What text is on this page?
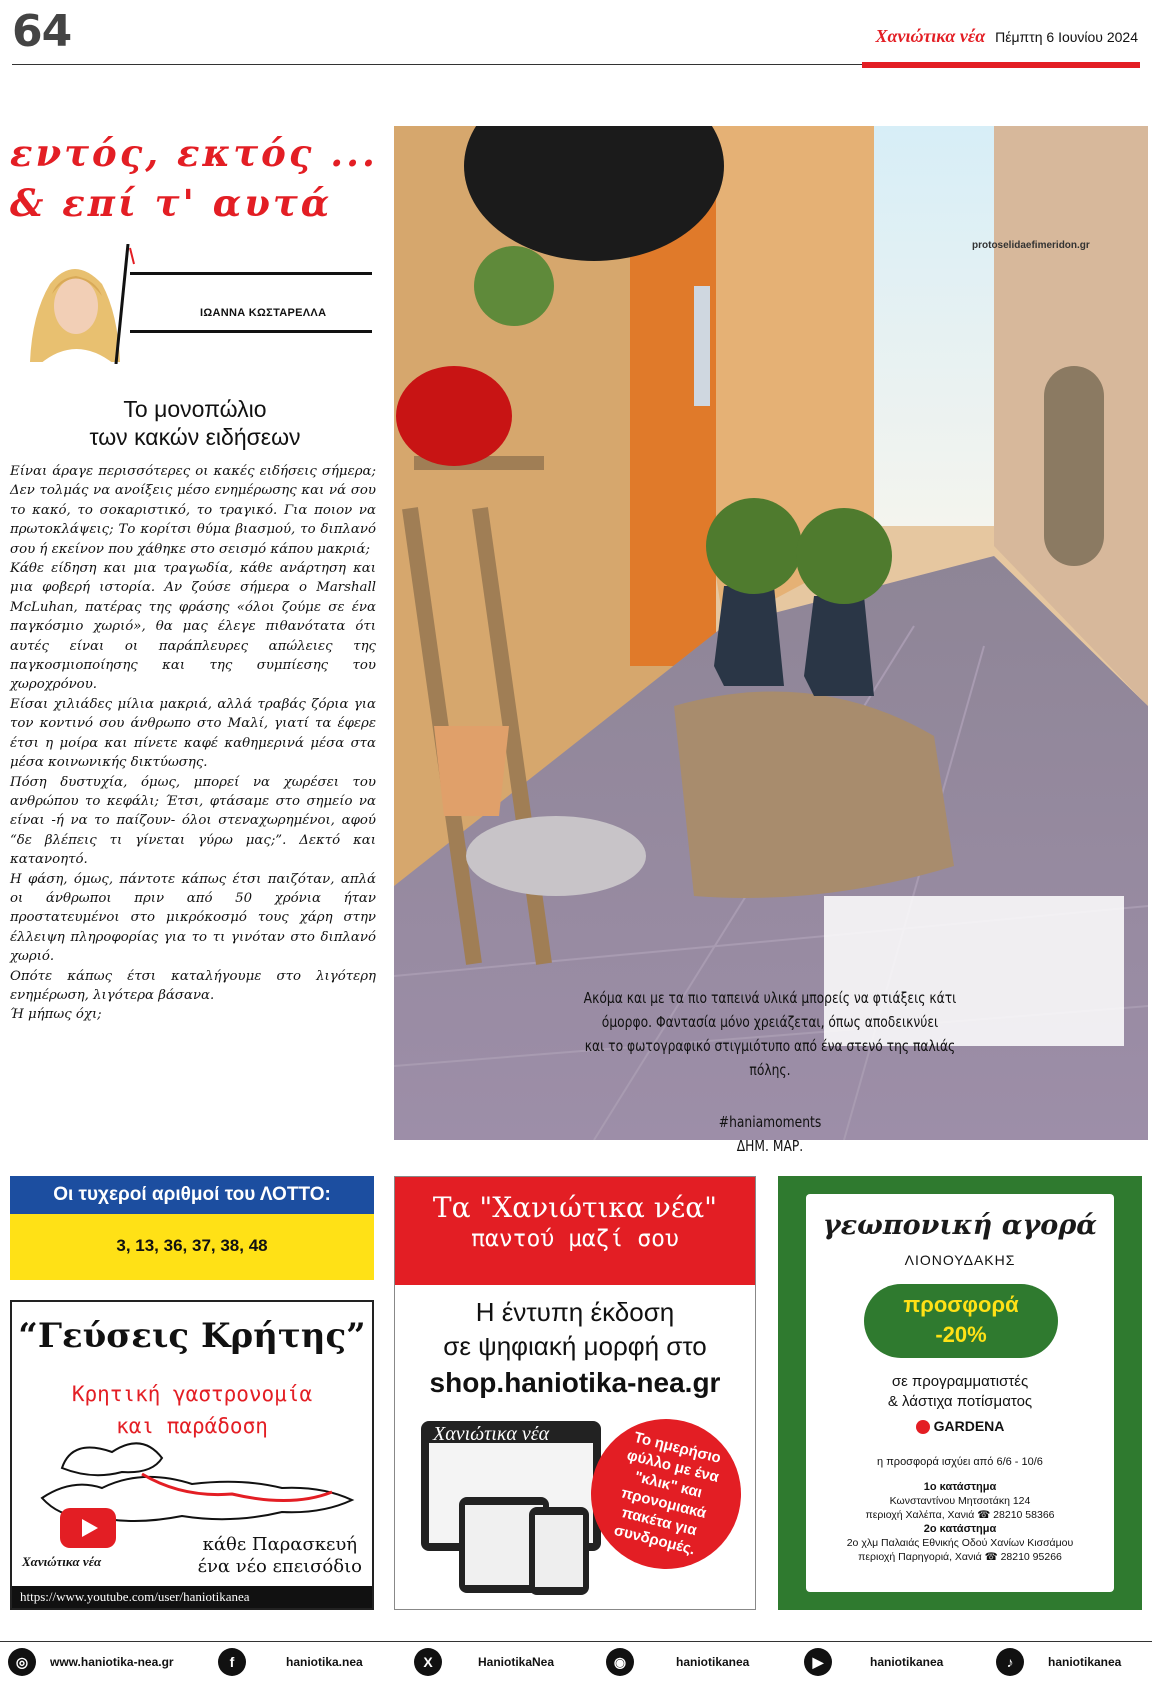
64	Χανιώτικα νέα Πέμπτη 6 Ιουνίου 2024
εντός, εκτός ...
& επί τ' αυτά
ΙΩΑΝΝΑ ΚΩΣΤΑΡΕΛΛΑ
Το μονοπώλιο
των κακών ειδήσεων

Είναι άραγε περισσότερες οι κακές ειδήσεις σήμερα; Δεν τολμάς να ανοίξεις μέσο ενημέρωσης και νά σου το κακό, το σοκαριστικό, το τραγικό. Για ποιον να πρωτοκλάψεις; Το κορίτσι θύμα βιασμού, το διπλανό σου ή εκείνον που χάθηκε στο σεισμό κάπου μακριά;

Κάθε είδηση και μια τραγωδία, κάθε ανάρτηση και μια φοβερή ιστορία. Αν ζούσε σήμερα ο Marshall McLuhan, πατέρας της φράσης «όλοι ζούμε σε ένα παγκόσμιο χωριό», θα μας έλεγε πιθανότατα ότι αυτές είναι οι παράπλευρες απώλειες της παγκοσμιοποίησης και της συμπίεσης του χωροχρόνου.

Είσαι χιλιάδες μίλια μακριά, αλλά τραβάς ζόρια για τον κοντινό σου άνθρωπο στο Μαλί, γιατί τα έφερε έτσι η μοίρα και πίνετε καφέ καθημερινά μέσα στα μέσα κοινωνικής δικτύωσης.

Πόση δυστυχία, όμως, μπορεί να χωρέσει του ανθρώπου το κεφάλι; Έτσι, φτάσαμε στο σημείο να είναι -ή να το παίζουν- όλοι στεναχωρημένοι, αφού “δε βλέπεις τι γίνεται γύρω μας;”. Δεκτό και κατανοητό.

Η φάση, όμως, πάντοτε κάπως έτσι παιζόταν, απλά οι άνθρωποι πριν από 50 χρόνια ήταν προστατευμένοι στο μικρόκοσμό τους χάρη στην έλλειψη πληροφορίας για το τι γινόταν στο διπλανό χωριό.

Οπότε κάπως έτσι καταλήγουμε στο λιγότερη ενημέρωση, λιγότερα βάσανα.

Ή μήπως όχι;

protoselidaefimeridon.gr
Ακόμα και με τα πιο ταπεινά υλικά μπορείς να φτιάξεις κάτι
όμορφο. Φαντασία μόνο χρειάζεται, όπως αποδεικνύει
και το φωτογραφικό στιγμιότυπο από ένα στενό της παλιάς πόλης.
#haniamoments
ΔΗΜ. ΜΑΡ.
Οι τυχεροί αριθμοί του ΛΟΤΤΟ:
3, 13, 36, 37, 38, 48
“Γεύσεις Κρήτης”
Κρητική γαστρονομία
και παράδοση
Χανιώτικα νέα
κάθε Παρασκευή
ένα νέο επεισόδιο
https://www.youtube.com/user/haniotikanea
Τα "Χανιώτικα νέα"
παντού μαζί σου
Η έντυπη έκδοση
σε ψηφιακή μορφή στο
shop.haniotika-nea.gr
Χανιώτικα νέα	Το ημερήσιο φύλλο με ένα "κλικ" και προνομιακά πακέτα για συνδρομές.
γεωπονική αγορά
ΛΙΟΝΟΥΔΑΚΗΣ
προσφορά
-20%
σε προγραμματιστές
& λάστιχα ποτίσματος
GARDENA
η προσφορά ισχύει από 6/6 - 10/6
1ο κατάστημα
Κωνσταντίνου Μητσοτάκη 124
περιοχή Χαλέπα, Χανιά ☎ 28210 58366
2ο κατάστημα
2ο χλμ Παλαιάς Εθνικής Οδού Χανίων Κισσάμου
περιοχή Παρηγοριά, Χανιά ☎ 28210 95266
◎	www.haniotika-nea.gr	f	haniotika.nea	X	HaniotikaNea	◉	haniotikanea	▶	haniotikanea	♪	haniotikanea
